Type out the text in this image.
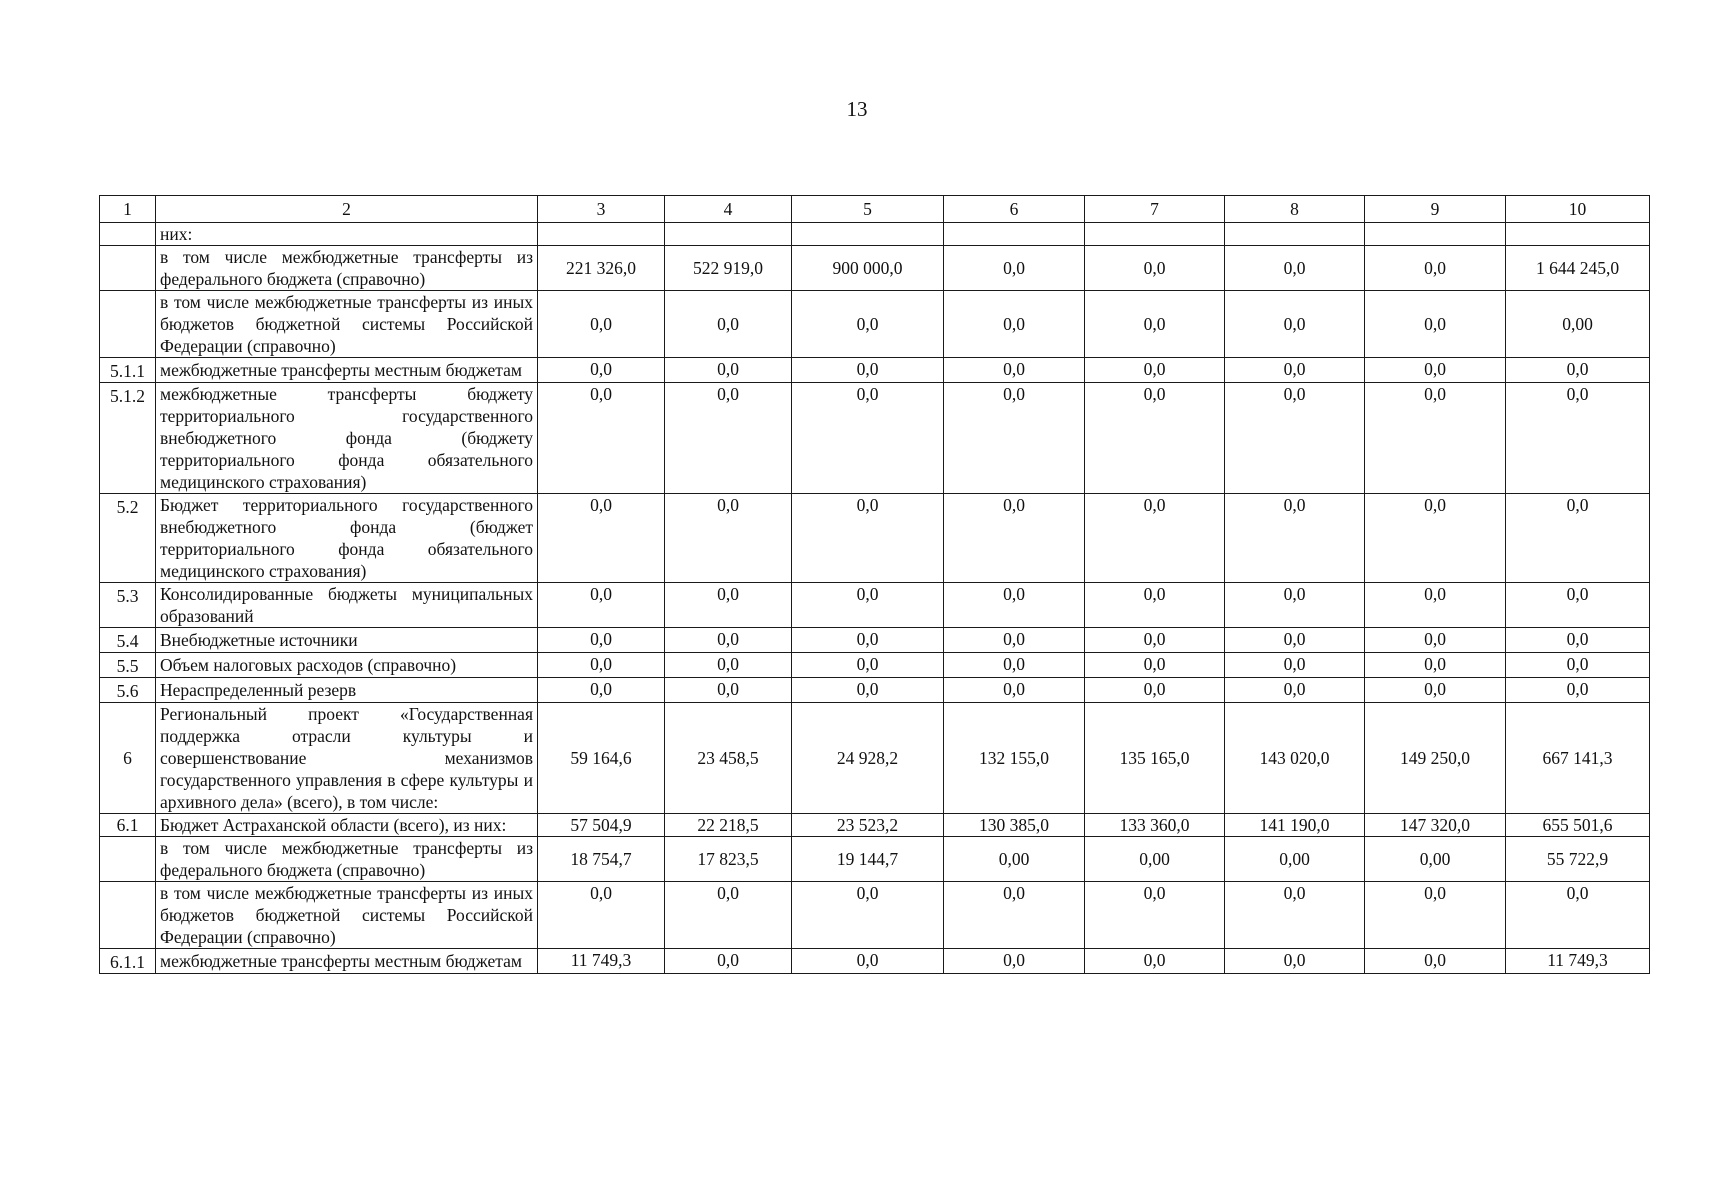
13
1	2	3	4	5	6	7	8	9	10
	них:								
	в том числе межбюджетные трансферты из федерального бюджета (справочно)	221 326,0	522 919,0	900 000,0	0,0	0,0	0,0	0,0	1 644 245,0
	в том числе межбюджетные трансферты из иных бюджетов бюджетной системы Российской Федерации (справочно)	0,0	0,0	0,0	0,0	0,0	0,0	0,0	0,00
5.1.1	межбюджетные трансферты местным бюджетам	0,0	0,0	0,0	0,0	0,0	0,0	0,0	0,0
5.1.2	межбюджетные трансферты бюджету территориального государственного внебюджетного фонда (бюджету территориального фонда обязательного медицинского страхования)	0,0	0,0	0,0	0,0	0,0	0,0	0,0	0,0
5.2	Бюджет территориального государственного внебюджетного фонда (бюджет территориального фонда обязательного медицинского страхования)	0,0	0,0	0,0	0,0	0,0	0,0	0,0	0,0
5.3	Консолидированные бюджеты муниципальных образований	0,0	0,0	0,0	0,0	0,0	0,0	0,0	0,0
5.4	Внебюджетные источники	0,0	0,0	0,0	0,0	0,0	0,0	0,0	0,0
5.5	Объем налоговых расходов (справочно)	0,0	0,0	0,0	0,0	0,0	0,0	0,0	0,0
5.6	Нераспределенный резерв	0,0	0,0	0,0	0,0	0,0	0,0	0,0	0,0
6	Региональный проект «Государственная поддержка отрасли культуры и совершенствование механизмов государственного управления в сфере культуры и архивного дела» (всего), в том числе:	59 164,6	23 458,5	24 928,2	132 155,0	135 165,0	143 020,0	149 250,0	667 141,3
6.1	Бюджет Астраханской области (всего), из них:	57 504,9	22 218,5	23 523,2	130 385,0	133 360,0	141 190,0	147 320,0	655 501,6
	в том числе межбюджетные трансферты из федерального бюджета (справочно)	18 754,7	17 823,5	19 144,7	0,00	0,00	0,00	0,00	55 722,9
	в том числе межбюджетные трансферты из иных бюджетов бюджетной системы Российской Федерации (справочно)	0,0	0,0	0,0	0,0	0,0	0,0	0,0	0,0
6.1.1	межбюджетные трансферты местным бюджетам	11 749,3	0,0	0,0	0,0	0,0	0,0	0,0	11 749,3
